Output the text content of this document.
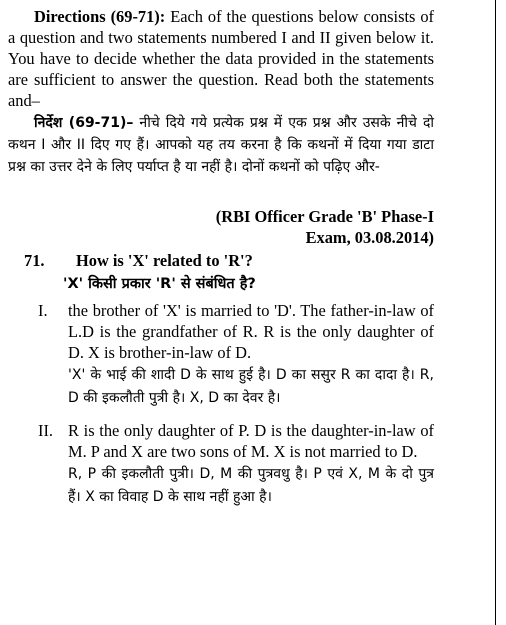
Directions (69-71): Each of the questions below consists of a question and two statements numbered I and II given below it. You have to decide whether the data provided in the statements are sufficient to answer the question. Read both the statements and–

निर्देश (69-71)– नीचे दिये गये प्रत्येक प्रश्न में एक प्रश्न और उसके नीचे दो कथन I और II दिए गए हैं। आपको यह तय करना है कि कथनों में दिया गया डाटा प्रश्न का उत्तर देने के लिए पर्याप्त है या नहीं है। दोनों कथनों को पढ़िए और-

(RBI Officer Grade 'B' Phase-I
Exam, 03.08.2014)
71.	How is 'X' related to 'R'?
'X' किसी प्रकार 'R' से संबंधित है?
I.	the brother of 'X' is married to 'D'. The father-in-law of L.D is the grandfather of R. R is the only daughter of D. X is brother-in-law of D.
'X' के भाई की शादी D के साथ हुई है। D का ससुर R का दादा है। R, D की इकलौती पुत्री है। X, D का देवर है।
II. R is the only daughter of P. D is the daughter-in-law of M. P and X are two sons of M. X is not married to D.
R, P की इकलौती पुत्री। D, M की पुत्रवधु है। P एवं X, M के दो पुत्र हैं। X का विवाह D के साथ नहीं हुआ है।
